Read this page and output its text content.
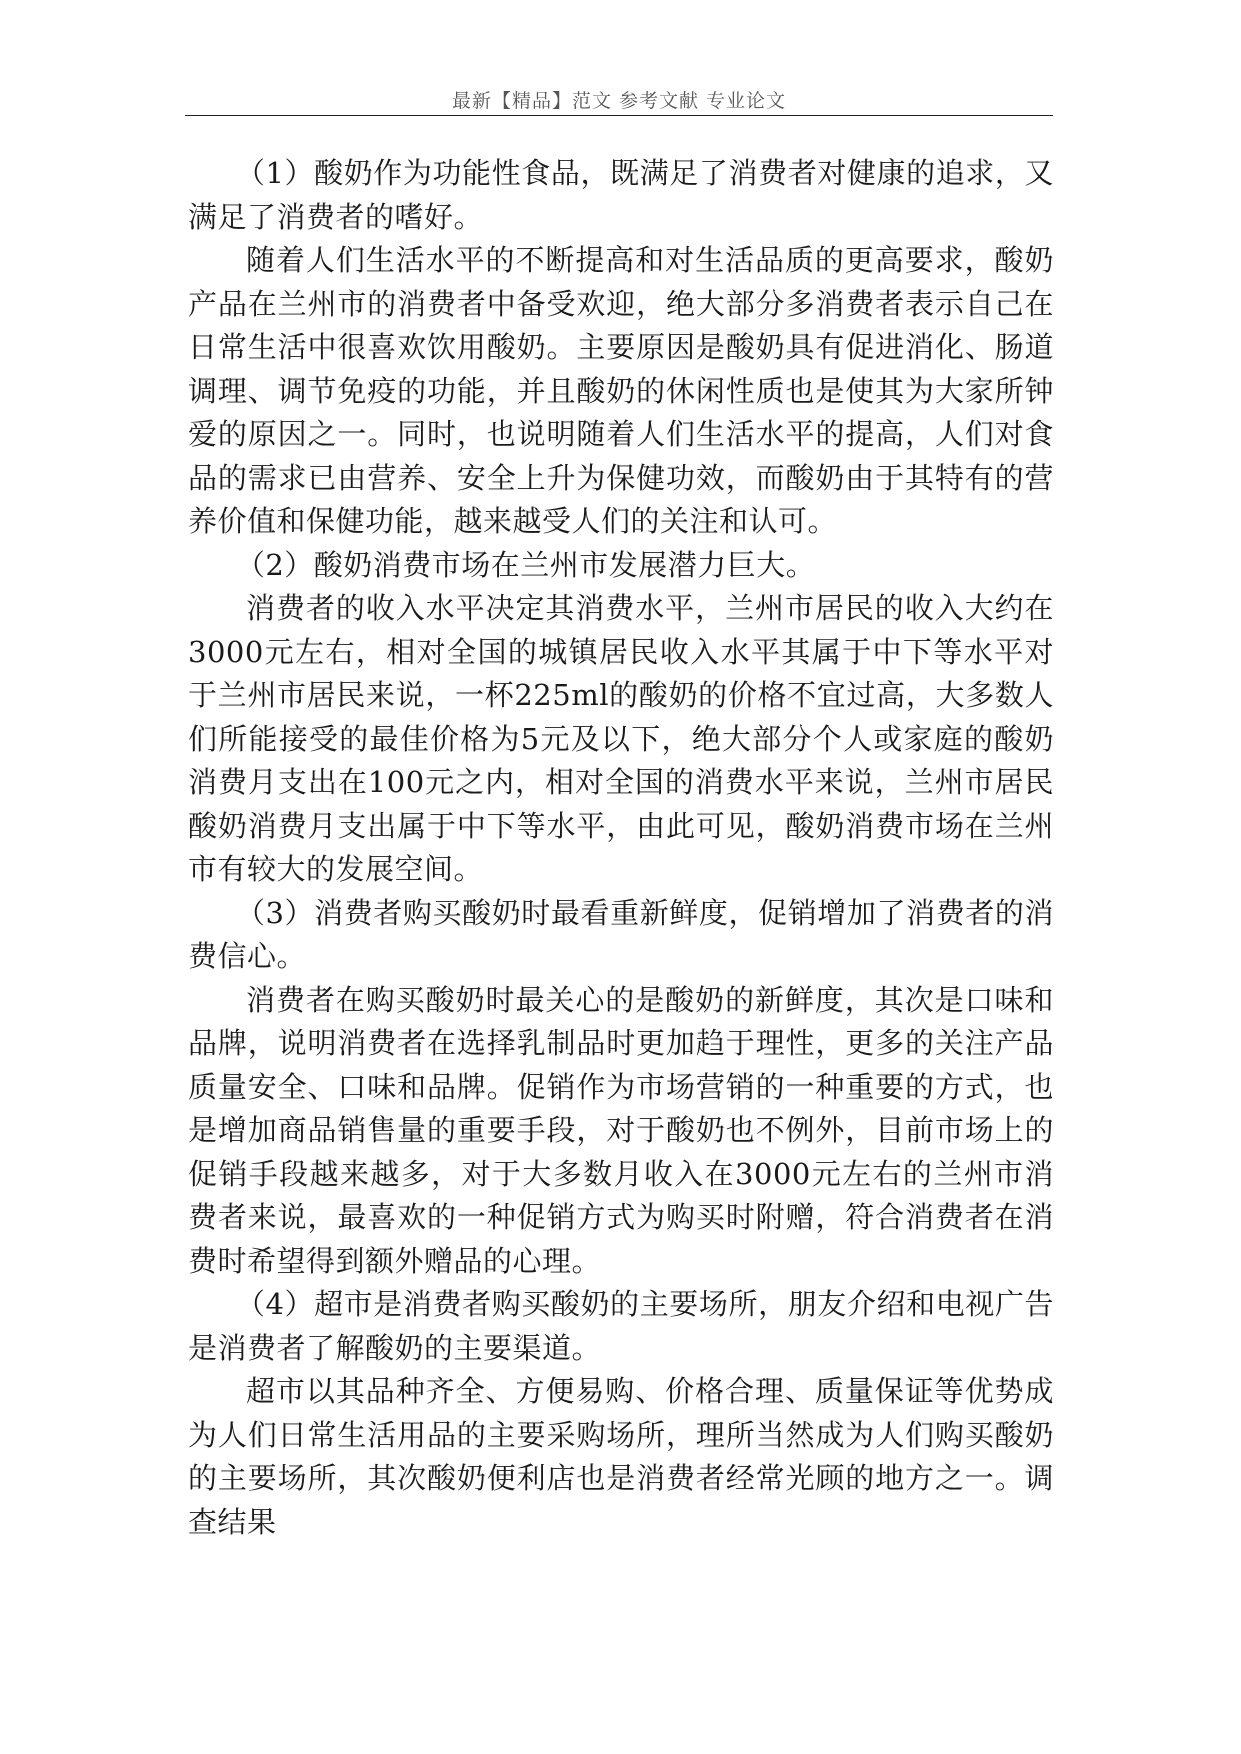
最新【精品】范文 参考文献 专业论文

（1）酸奶作为功能性食品，既满足了消费者对健康的追求，又满足了消费者的嗜好。

随着人们生活水平的不断提高和对生活品质的更高要求，酸奶产品在兰州市的消费者中备受欢迎，绝大部分多消费者表示自己在日常生活中很喜欢饮用酸奶。主要原因是酸奶具有促进消化、肠道调理、调节免疫的功能，并且酸奶的休闲性质也是使其为大家所钟爱的原因之一。同时，也说明随着人们生活水平的提高，人们对食品的需求已由营养、安全上升为保健功效，而酸奶由于其特有的营养价值和保健功能，越来越受人们的关注和认可。

（2）酸奶消费市场在兰州市发展潜力巨大。

消费者的收入水平决定其消费水平，兰州市居民的收入大约在3000元左右，相对全国的城镇居民收入水平其属于中下等水平对于兰州市居民来说，一杯225ml的酸奶的价格不宜过高，大多数人们所能接受的最佳价格为5元及以下，绝大部分个人或家庭的酸奶消费月支出在100元之内，相对全国的消费水平来说，兰州市居民酸奶消费月支出属于中下等水平，由此可见，酸奶消费市场在兰州市有较大的发展空间。

（3）消费者购买酸奶时最看重新鲜度，促销增加了消费者的消费信心。

消费者在购买酸奶时最关心的是酸奶的新鲜度，其次是口味和品牌，说明消费者在选择乳制品时更加趋于理性，更多的关注产品质量安全、口味和品牌。促销作为市场营销的一种重要的方式，也是增加商品销售量的重要手段，对于酸奶也不例外，目前市场上的促销手段越来越多，对于大多数月收入在3000元左右的兰州市消费者来说，最喜欢的一种促销方式为购买时附赠，符合消费者在消费时希望得到额外赠品的心理。

（4）超市是消费者购买酸奶的主要场所，朋友介绍和电视广告是消费者了解酸奶的主要渠道。

超市以其品种齐全、方便易购、价格合理、质量保证等优势成为人们日常生活用品的主要采购场所，理所当然成为人们购买酸奶的主要场所，其次酸奶便利店也是消费者经常光顾的地方之一。调查结果
